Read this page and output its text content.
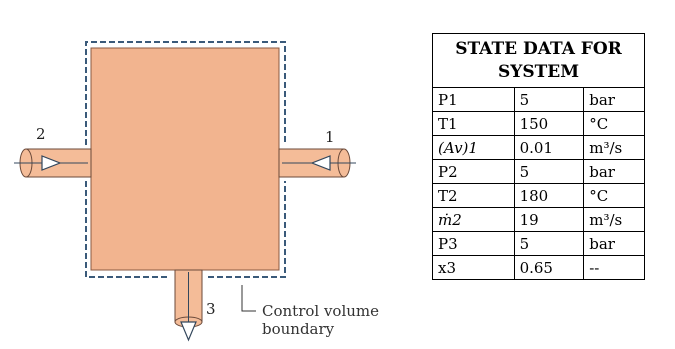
2	1
3	Control volume
boundary
STATE DATA FOR SYSTEM		
P1	5	bar
T1	150	°C
(Av)1	0.01	m³/s
P2	5	bar
T2	180	°C
ṁ2	19	m³/s
P3	5	bar
x3	0.65	--
